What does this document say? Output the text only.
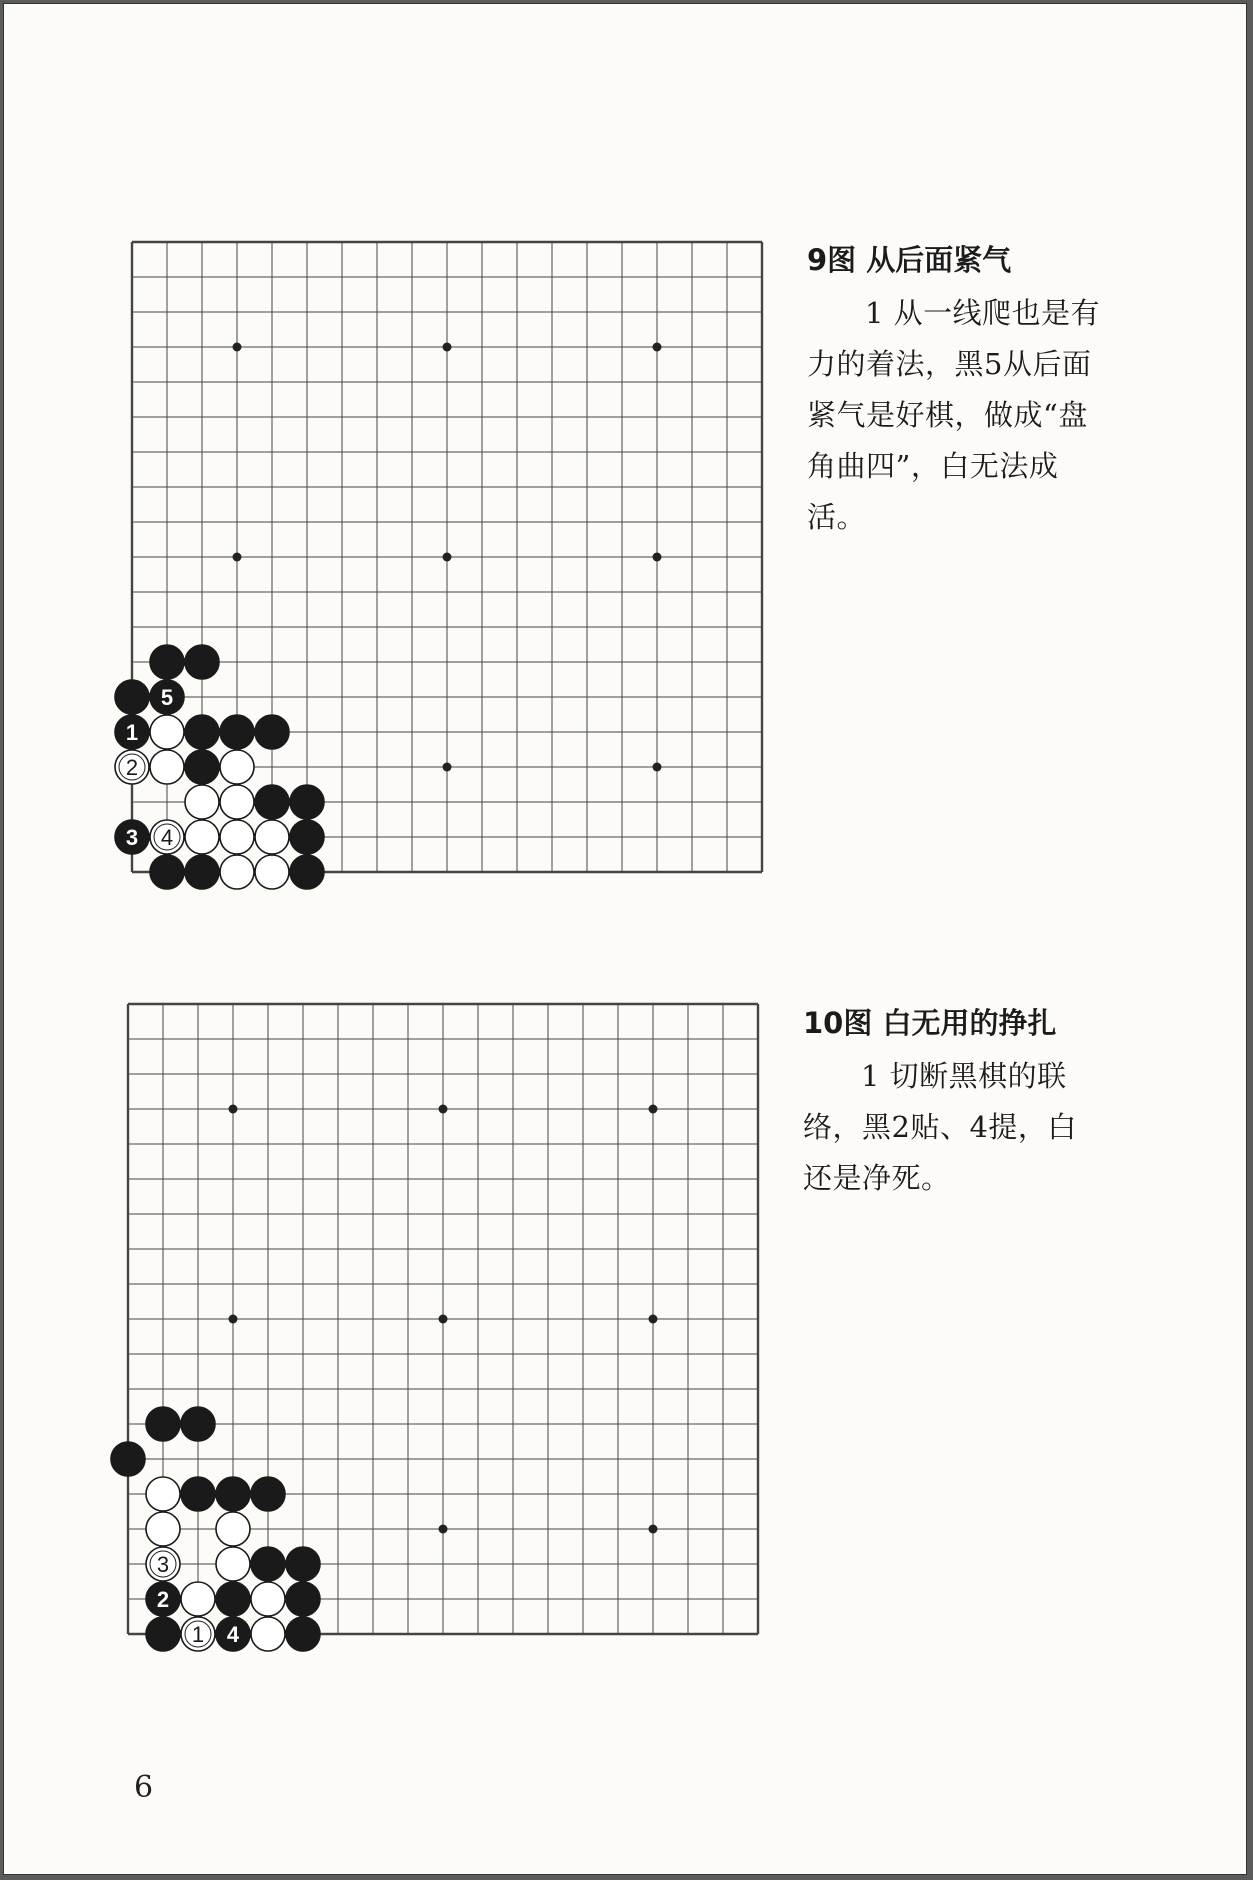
5
1
2
3 4

9图 从后面紧气

1 从一线爬也是有力的着法，黑5从后面紧气是好棋，做成“盘角曲四”，白无法成活。

3
2
1 4

10图 白无用的挣扎

1 切断黑棋的联络，黑2贴、4提，白还是净死。

6
